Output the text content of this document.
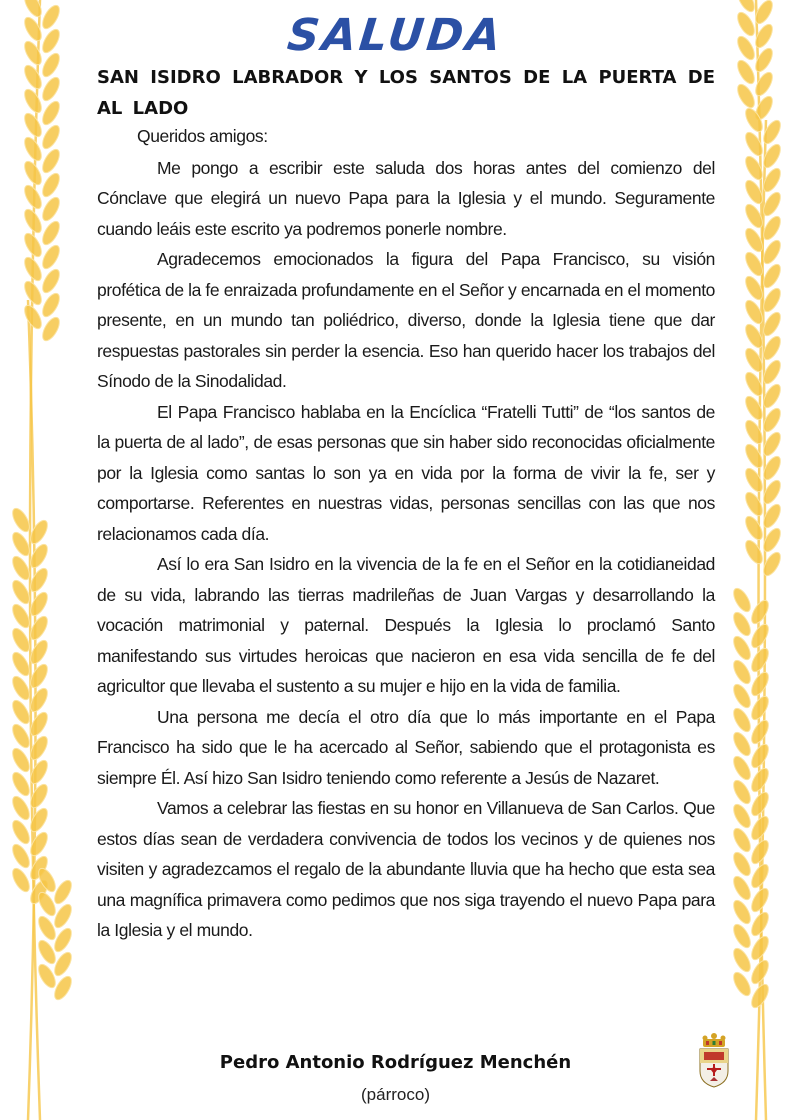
SALUDA
SAN ISIDRO LABRADOR Y LOS SANTOS DE LA PUERTA DE AL LADO

Queridos amigos:

Me pongo a escribir este saluda dos horas antes del comienzo del Cónclave que elegirá un nuevo Papa para la Iglesia y el mundo. Seguramente cuando leáis este escrito ya podremos ponerle nombre.

Agradecemos emocionados la figura del Papa Francisco, su visión profética de la fe enraizada profundamente en el Señor y encarnada en el momento presente, en un mundo tan poliédrico, diverso, donde la Iglesia tiene que dar respuestas pastorales sin perder la esencia. Eso han querido hacer los trabajos del Sínodo de la Sinodalidad.

El Papa Francisco hablaba en la Encíclica “Fratelli Tutti” de “los santos de la puerta de al lado”, de esas personas que sin haber sido reconocidas oficialmente por la Iglesia como santas lo son ya en vida por la forma de vivir la fe, ser y comportarse. Referentes en nuestras vidas, personas sencillas con las que nos relacionamos cada día.

Así lo era San Isidro en la vivencia de la fe en el Señor en la cotidianeidad de su vida, labrando las tierras madrileñas de Juan Vargas y desarrollando la vocación matrimonial y paternal. Después la Iglesia lo proclamó Santo manifestando sus virtudes heroicas que nacieron en esa vida sencilla de fe del agricultor que llevaba el sustento a su mujer e hijo en la vida de familia.

Una persona me decía el otro día que lo más importante en el Papa Francisco ha sido que le ha acercado al Señor, sabiendo que el protagonista es siempre Él. Así hizo San Isidro teniendo como referente a Jesús de Nazaret.

Vamos a celebrar las fiestas en su honor en Villanueva de San Carlos. Que estos días sean de verdadera convivencia de todos los vecinos y de quienes nos visiten y agradezcamos el regalo de la abundante lluvia que ha hecho que esta sea una magnífica primavera como pedimos que nos siga trayendo el nuevo Papa para la Iglesia y el mundo.

Pedro Antonio Rodríguez Menchén
(párroco)
